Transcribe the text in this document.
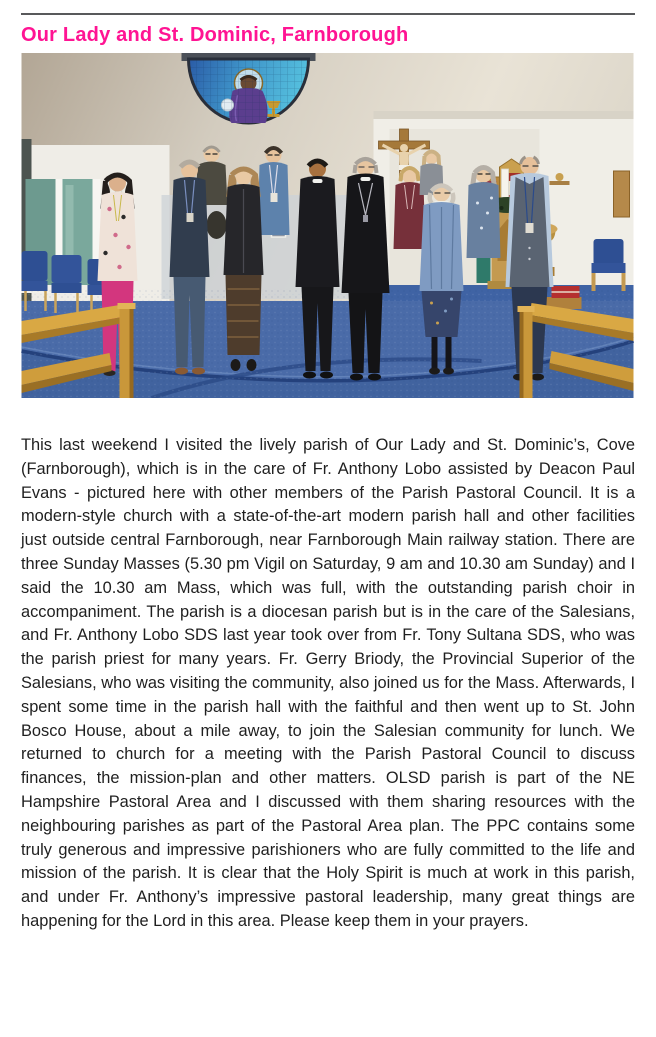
Our Lady and St. Dominic, Farnborough

This last weekend I visited the lively parish of Our Lady and St. Dominic’s, Cove (Farnborough), which is in the care of Fr. Anthony Lobo assisted by Deacon Paul Evans - pictured here with other members of the Parish Pastoral Council. It is a modern-style church with a state-of-the-art modern parish hall and other facilities just outside central Farnborough, near Farnborough Main railway station. There are three Sunday Masses (5.30 pm Vigil on Saturday, 9 am and 10.30 am Sunday) and I said the 10.30 am Mass, which was full, with the outstanding parish choir in accompaniment. The parish is a diocesan parish but is in the care of the Salesians, and Fr. Anthony Lobo SDS last year took over from Fr. Tony Sultana SDS, who was the parish priest for many years. Fr. Gerry Briody, the Provincial Superior of the Salesians, who was visiting the community, also joined us for the Mass. Afterwards, I spent some time in the parish hall with the faithful and then went up to St. John Bosco House, about a mile away, to join the Salesian community for lunch. We returned to church for a meeting with the Parish Pastoral Council to discuss finances, the mission-plan and other matters. OLSD parish is part of the NE Hampshire Pastoral Area and I discussed with them sharing resources with the neighbouring parishes as part of the Pastoral Area plan. The PPC contains some truly generous and impressive parishioners who are fully committed to the life and mission of the parish. It is clear that the Holy Spirit is much at work in this parish, and under Fr. Anthony’s impressive pastoral leadership, many great things are happening for the Lord in this area. Please keep them in your prayers.
